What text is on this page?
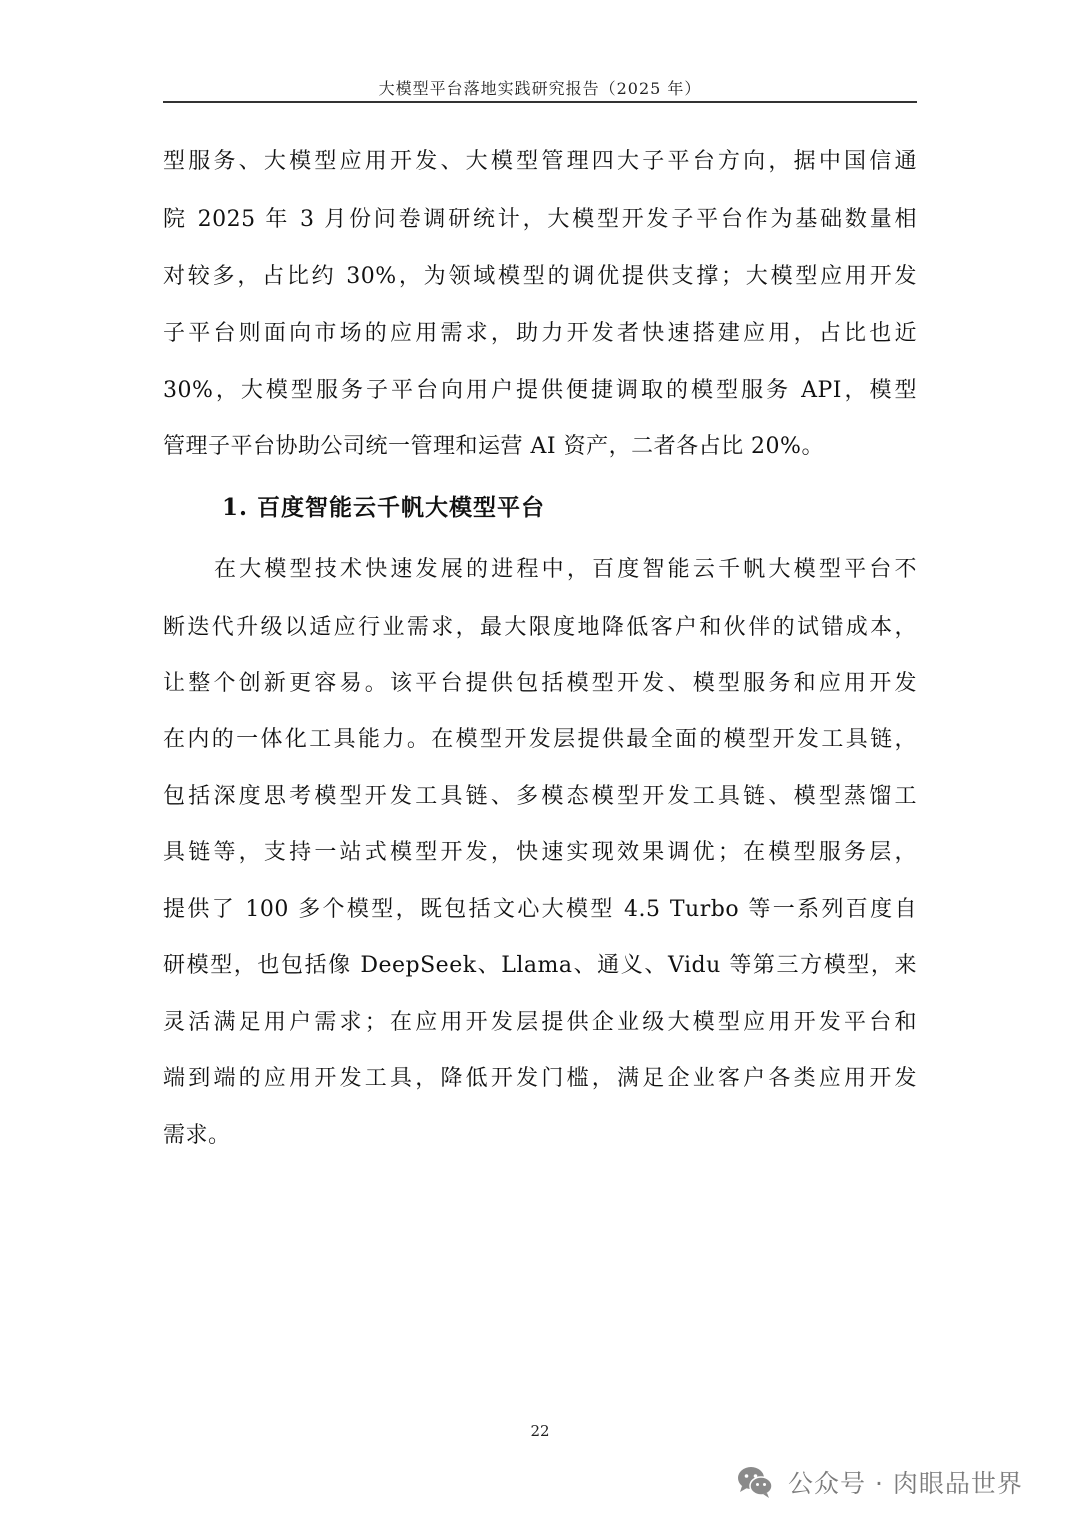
大模型平台落地实践研究报告（2025 年）
型服务、大模型应用开发、大模型管理四大子平台方向，据中国信通
院 2025 年 3 月份问卷调研统计，大模型开发子平台作为基础数量相
对较多，占比约 30%，为领域模型的调优提供支撑；大模型应用开发
子平台则面向市场的应用需求，助力开发者快速搭建应用，占比也近
30%，大模型服务子平台向用户提供便捷调取的模型服务 API，模型
管理子平台协助公司统一管理和运营 AI 资产，二者各占比 20%。
1. 百度智能云千帆大模型平台
在大模型技术快速发展的进程中，百度智能云千帆大模型平台不
断迭代升级以适应行业需求，最大限度地降低客户和伙伴的试错成本，
让整个创新更容易。该平台提供包括模型开发、模型服务和应用开发
在内的一体化工具能力。在模型开发层提供最全面的模型开发工具链，
包括深度思考模型开发工具链、多模态模型开发工具链、模型蒸馏工
具链等，支持一站式模型开发，快速实现效果调优；在模型服务层，
提供了 100 多个模型，既包括文心大模型 4.5 Turbo 等一系列百度自
研模型，也包括像 DeepSeek、Llama、通义、Vidu 等第三方模型，来
灵活满足用户需求；在应用开发层提供企业级大模型应用开发平台和
端到端的应用开发工具，降低开发门槛，满足企业客户各类应用开发
需求。
22
公众号 · 肉眼品世界
